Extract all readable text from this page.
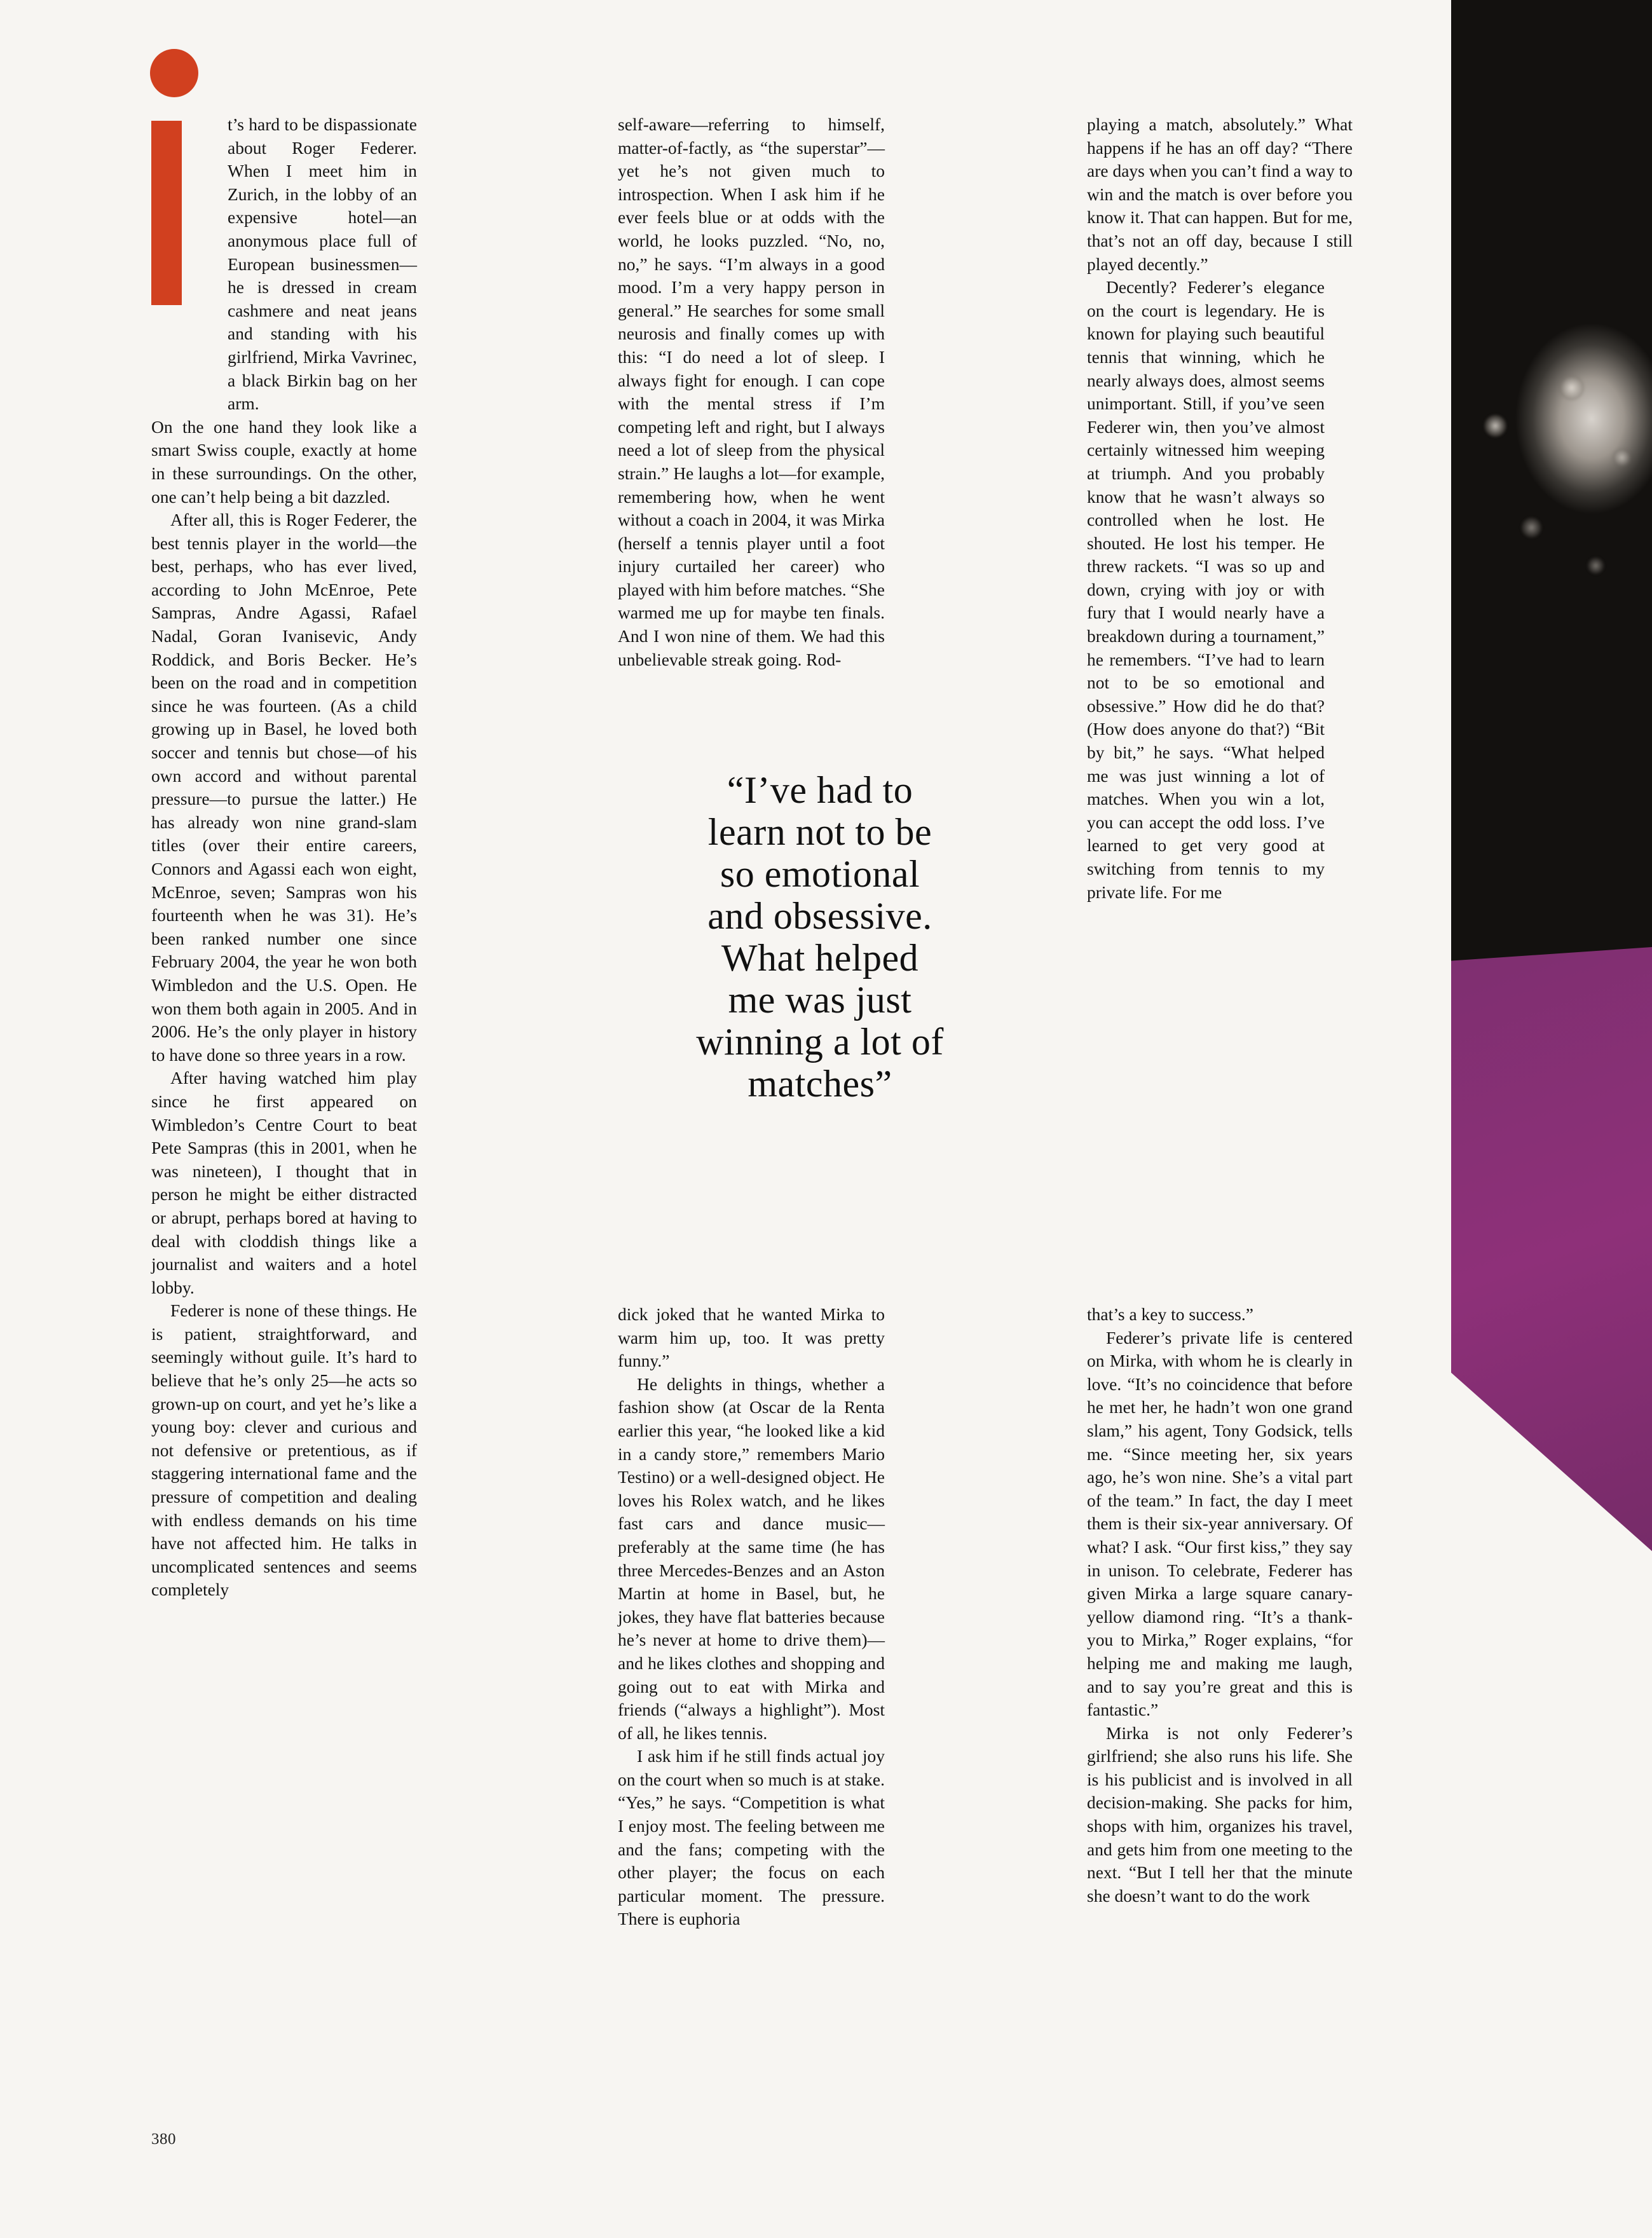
t’s hard to be dispassionate about Roger Federer. When I meet him in Zurich, in the lobby of an expensive hotel—an anonymous place full of European businessmen—he is dressed in cream cashmere and neat jeans and standing with his girlfriend, Mirka Vavrinec, a black Birkin bag on her arm.
On the one hand they look like a smart Swiss couple, exactly at home in these surroundings. On the other, one can’t help being a bit dazzled.

After all, this is Roger Federer, the best tennis player in the world—the best, perhaps, who has ever lived, according to John McEnroe, Pete Sampras, Andre Agassi, Rafael Nadal, Goran Ivanisevic, Andy Roddick, and Boris Becker. He’s been on the road and in competition since he was fourteen. (As a child growing up in Basel, he loved both soccer and tennis but chose—of his own accord and without parental pressure—to pursue the latter.) He has already won nine grand-slam titles (over their entire careers, Connors and Agassi each won eight, McEnroe, seven; Sampras won his fourteenth when he was 31). He’s been ranked number one since February 2004, the year he won both Wimbledon and the U.S. Open. He won them both again in 2005. And in 2006. He’s the only player in history to have done so three years in a row.

After having watched him play since he first appeared on Wimbledon’s Centre Court to beat Pete Sampras (this in 2001, when he was nineteen), I thought that in person he might be either distracted or abrupt, perhaps bored at having to deal with cloddish things like a journalist and waiters and a hotel lobby.

Federer is none of these things. He is patient, straightforward, and seemingly without guile. It’s hard to believe that he’s only 25—he acts so grown-up on court, and yet he’s like a young boy: clever and curious and not defensive or pretentious, as if staggering international fame and the pressure of competition and dealing with endless demands on his time have not affected him. He talks in uncomplicated sentences and seems completely

self-aware—referring to himself, matter-of-factly, as “the superstar”—yet he’s not given much to introspection. When I ask him if he ever feels blue or at odds with the world, he looks puzzled. “No, no, no,” he says. “I’m always in a good mood. I’m a very happy person in general.” He searches for some small neurosis and finally comes up with this: “I do need a lot of sleep. I always fight for enough. I can cope with the mental stress if I’m competing left and right, but I always need a lot of sleep from the physical strain.” He laughs a lot—for example, remembering how, when he went without a coach in 2004, it was Mirka (herself a tennis player until a foot injury curtailed her career) who played with him before matches. “She warmed me up for maybe ten finals. And I won nine of them. We had this unbelievable streak going. Rod-

playing a match, absolutely.” What happens if he has an off day? “There are days when you can’t find a way to win and the match is over before you know it. That can happen. But for me, that’s not an off day, because I still played decently.”

Decently? Federer’s elegance on the court is legendary. He is known for playing such beautiful tennis that winning, which he nearly always does, almost seems unimportant. Still, if you’ve seen Federer win, then you’ve almost certainly witnessed him weeping at triumph. And you probably know that he wasn’t always so controlled when he lost. He shouted. He lost his temper. He threw rackets. “I was so up and down, crying with joy or with fury that I would nearly have a breakdown during a tournament,” he remembers. “I’ve had to learn not to be so emotional and obsessive.” How did he do that? (How does anyone do that?) “Bit by bit,” he says. “What helped me was just winning a lot of matches. When you win a lot, you can accept the odd loss. I’ve learned to get very good at switching from tennis to my private life. For me

“I’ve had to
learn not to be
so emotional
and obsessive.
What helped
me was just
winning a lot of
matches”

dick joked that he wanted Mirka to warm him up, too. It was pretty funny.”

He delights in things, whether a fashion show (at Oscar de la Renta earlier this year, “he looked like a kid in a candy store,” remembers Mario Testino) or a well-designed object. He loves his Rolex watch, and he likes fast cars and dance music—preferably at the same time (he has three Mercedes-Benzes and an Aston Martin at home in Basel, but, he jokes, they have flat batteries because he’s never at home to drive them)—and he likes clothes and shopping and going out to eat with Mirka and friends (“always a highlight”). Most of all, he likes tennis.

I ask him if he still finds actual joy on the court when so much is at stake. “Yes,” he says. “Competition is what I enjoy most. The feeling between me and the fans; competing with the other player; the focus on each particular moment. The pressure. There is euphoria

that’s a key to success.”

Federer’s private life is centered on Mirka, with whom he is clearly in love. “It’s no coincidence that before he met her, he hadn’t won one grand slam,” his agent, Tony Godsick, tells me. “Since meeting her, six years ago, he’s won nine. She’s a vital part of the team.” In fact, the day I meet them is their six-year anniversary. Of what? I ask. “Our first kiss,” they say in unison. To celebrate, Federer has given Mirka a large square canary-yellow diamond ring. “It’s a thank-you to Mirka,” Roger explains, “for helping me and making me laugh, and to say you’re great and this is fantastic.”

Mirka is not only Federer’s girlfriend; she also runs his life. She is his publicist and is involved in all decision-making. She packs for him, shops with him, organizes his travel, and gets him from one meeting to the next. “But I tell her that the minute she doesn’t want to do the work

380
